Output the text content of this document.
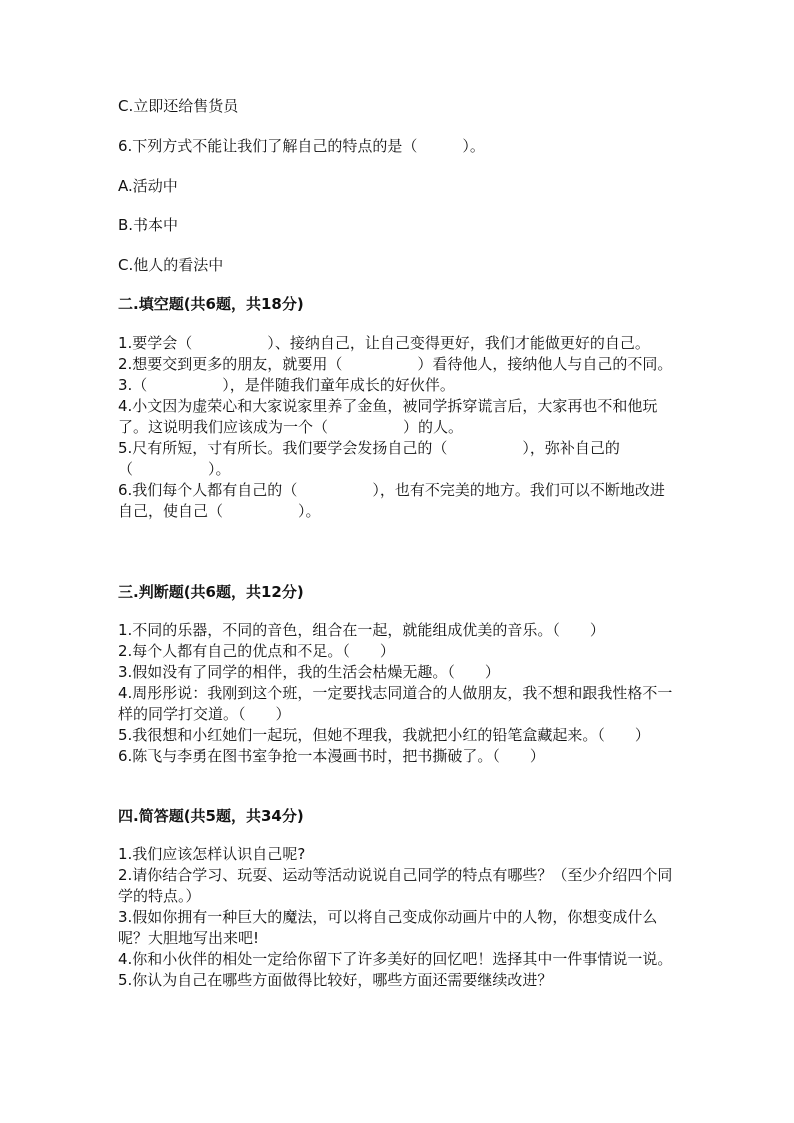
C.立即还给售货员

6.下列方式不能让我们了解自己的特点的是（　　　）。

A.活动中

B.书本中

C.他人的看法中

二.填空题(共6题，共18分)

1.要学会（　　　　　）、接纳自己，让自己变得更好，我们才能做更好的自己。

2.想要交到更多的朋友，就要用（　　　　　）看待他人，接纳他人与自己的不同。

3.（　　　　　），是伴随我们童年成长的好伙伴。

4.小文因为虚荣心和大家说家里养了金鱼，被同学拆穿谎言后，大家再也不和他玩了。这说明我们应该成为一个（　　　　　）的人。

5.尺有所短，寸有所长。我们要学会发扬自己的（　　　　　），弥补自己的（　　　　　）。

6.我们每个人都有自己的（　　　　　），也有不完美的地方。我们可以不断地改进自己，使自己（　　　　　）。

三.判断题(共6题，共12分)

1.不同的乐器，不同的音色，组合在一起，就能组成优美的音乐。（　　）

2.每个人都有自己的优点和不足。（　　）

3.假如没有了同学的相伴，我的生活会枯燥无趣。（　　）

4.周彤彤说：我刚到这个班，一定要找志同道合的人做朋友，我不想和跟我性格不一样的同学打交道。（　　）

5.我很想和小红她们一起玩，但她不理我，我就把小红的铅笔盒藏起来。（　　）

6.陈飞与李勇在图书室争抢一本漫画书时，把书撕破了。（　　）

四.简答题(共5题，共34分)

1.我们应该怎样认识自己呢?

2.请你结合学习、玩耍、运动等活动说说自己同学的特点有哪些？（至少介绍四个同学的特点。）

3.假如你拥有一种巨大的魔法，可以将自己变成你动画片中的人物，你想变成什么呢？大胆地写出来吧!

4.你和小伙伴的相处一定给你留下了许多美好的回忆吧！选择其中一件事情说一说。

5.你认为自己在哪些方面做得比较好，哪些方面还需要继续改进？
